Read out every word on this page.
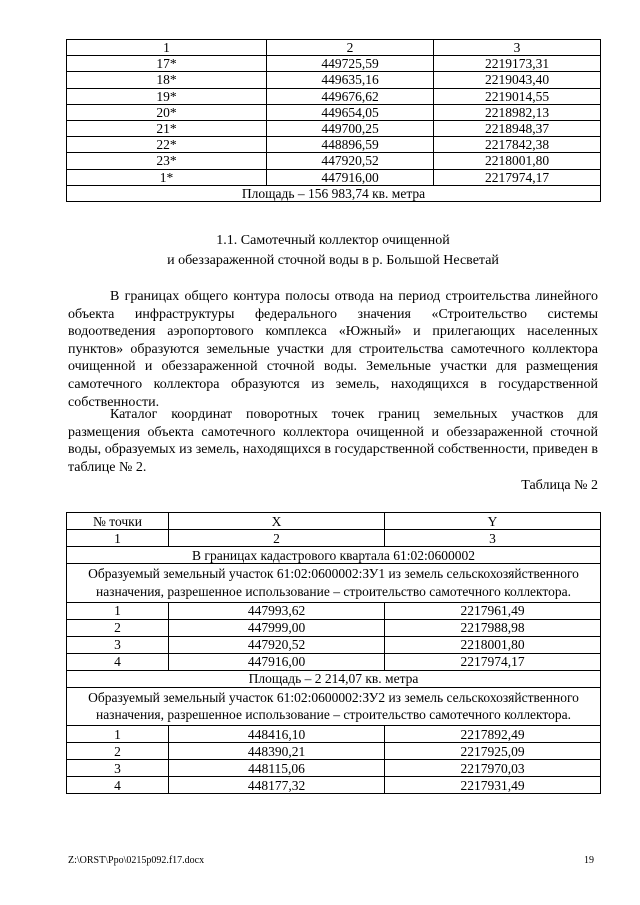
1	2	3
17*	449725,59	2219173,31
18*	449635,16	2219043,40
19*	449676,62	2219014,55
20*	449654,05	2218982,13
21*	449700,25	2218948,37
22*	448896,59	2217842,38
23*	447920,52	2218001,80
1*	447916,00	2217974,17
Площадь – 156 983,74 кв. метра		
1.1. Самотечный коллектор очищенной
и обеззараженной сточной воды в р. Большой Несветай

В границах общего контура полосы отвода на период строительства линейного объекта инфраструктуры федерального значения «Строительство системы водоотведения аэропортового комплекса «Южный» и прилегающих населенных пунктов» образуются земельные участки для строительства самотечного коллектора очищенной и обеззараженной сточной воды. Земельные участки для размещения самотечного коллектора образуются из земель, находящихся в государственной собственности.

Каталог координат поворотных точек границ земельных участков для размещения объекта самотечного коллектора очищенной и обеззараженной сточной воды, образуемых из земель, находящихся в государственной собственности, приведен в таблице № 2.

Таблица № 2
№ точки	X	Y
1	2	3
В границах кадастрового квартала 61:02:0600002		
Образуемый земельный участок 61:02:0600002:ЗУ1 из земель сельскохозяйственного назначения, разрешенное использование – строительство самотечного коллектора.		
1	447993,62	2217961,49
2	447999,00	2217988,98
3	447920,52	2218001,80
4	447916,00	2217974,17
Площадь – 2 214,07 кв. метра		
Образуемый земельный участок 61:02:0600002:ЗУ2 из земель сельскохозяйственного назначения, разрешенное использование – строительство самотечного коллектора.		
1	448416,10	2217892,49
2	448390,21	2217925,09
3	448115,06	2217970,03
4	448177,32	2217931,49
Z:\ORST\Ppo\0215p092.f17.docx	19
